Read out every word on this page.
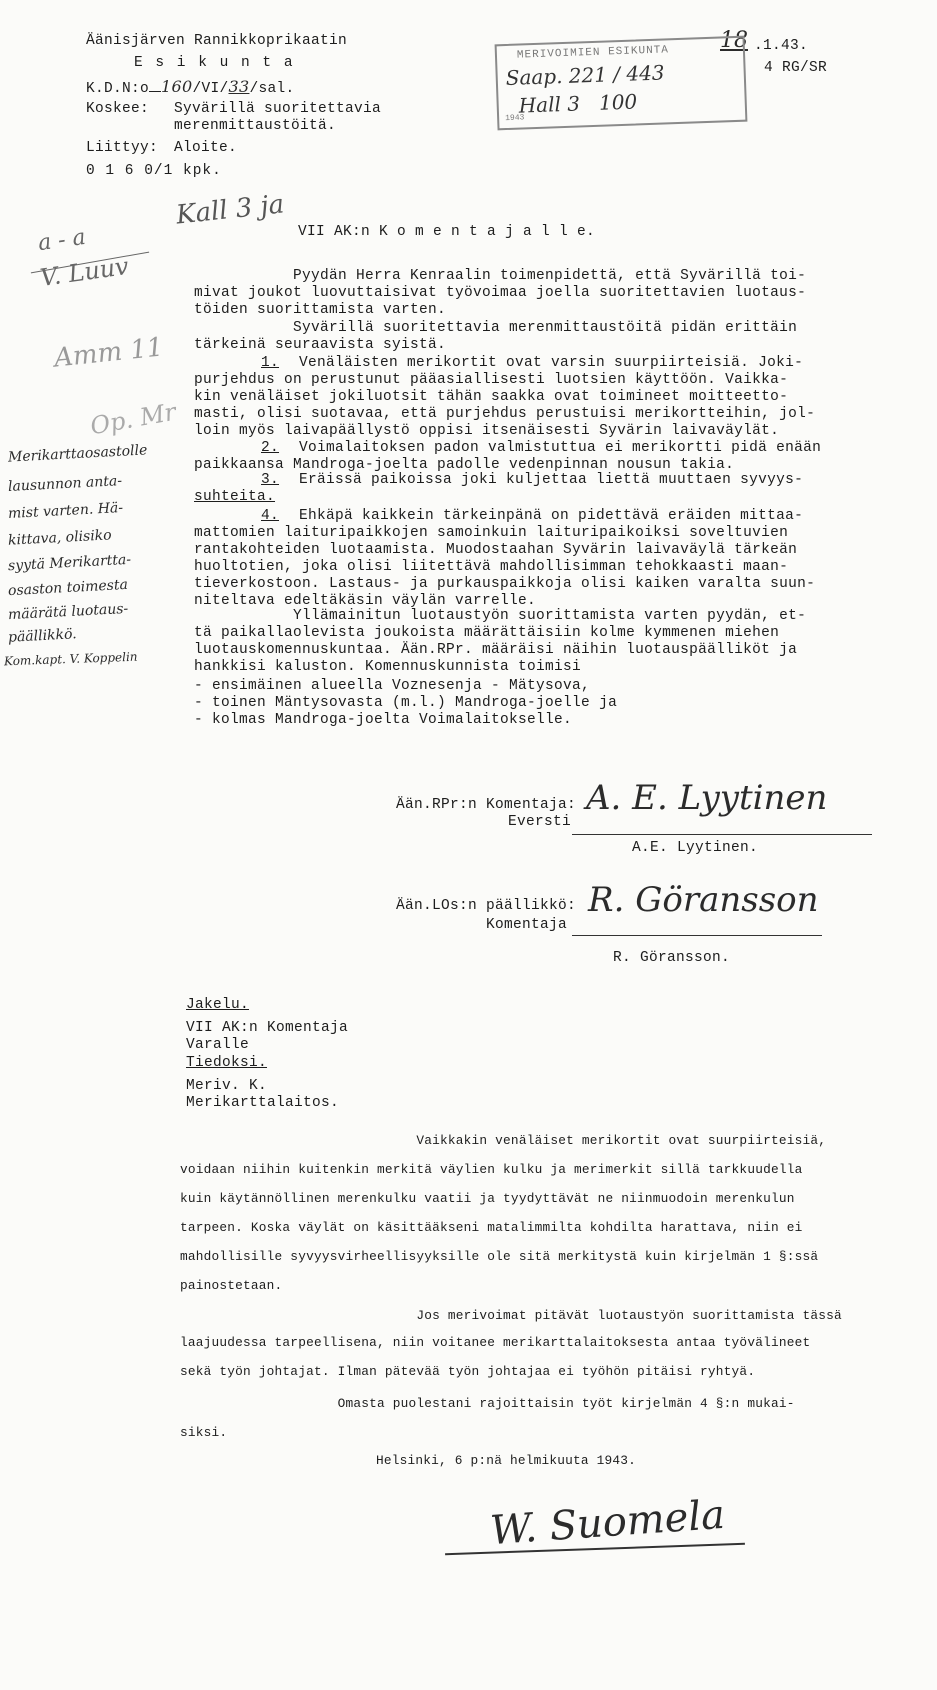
Äänisjärven Rannikkoprikaatin
E s i k u n t a
K.D.N:o 160/VI/33/sal.
Koskee: Syvärillä suoritettavia
merenmittaustöitä.
Liittyy: Aloite.
0 1 6 0/1 kpk.
18 .1.43.
4 RG/SR
MERIVOIMIEN ESIKUNTA
Saap. 221 / 443
Hall 3   100
1943
Kall 3 ja
a - a
V. Luuv
Amm 11
Op. Mr
Merikarttaosastolle
lausunnon anta-
mist varten. Hä-
kittava, olisiko
syytä Merikartta-
osaston toimesta
määrätä luotaus-
päällikkö.
Kom.kapt. V. Koppelin
VII AK:n K o m e n t a j a l l e.
Pyydän Herra Kenraalin toimenpidettä, että Syvärillä toi-
mivat joukot luovuttaisivat työvoimaa joella suoritettavien luotaus-
töiden suorittamista varten.
Syvärillä suoritettavia merenmittaustöitä pidän erittäin
tärkeinä seuraavista syistä.
1.	Venäläisten merikortit ovat varsin suurpiirteisiä. Joki-
purjehdus on perustunut pääasiallisesti luotsien käyttöön. Vaikka-
kin venäläiset jokiluotsit tähän saakka ovat toimineet moitteetto-
masti, olisi suotavaa, että purjehdus perustuisi merikortteihin, jol-
loin myös laivapäällystö oppisi itsenäisesti Syvärin laivaväylät.
2.	Voimalaitoksen padon valmistuttua ei merikortti pidä enään
paikkaansa Mandroga-joelta padolle vedenpinnan nousun takia.
3.	Eräissä paikoissa joki kuljettaa liettä muuttaen syvyys-
suhteita.
4.	Ehkäpä kaikkein tärkeinpänä on pidettävä eräiden mittaa-
mattomien laituripaikkojen samoinkuin laituripaikoiksi soveltuvien
rantakohteiden luotaamista. Muodostaahan Syvärin laivaväylä tärkeän
huoltotien, joka olisi liitettävä mahdollisimman tehokkaasti maan-
tieverkostoon. Lastaus- ja purkauspaikkoja olisi kaiken varalta suun-
niteltava edeltäkäsin väylän varrelle.
Yllämainitun luotaustyön suorittamista varten pyydän, et-
tä paikallaolevista joukoista määrättäisiin kolme kymmenen miehen
luotauskomennuskuntaa. Ään.RPr. määräisi näihin luotauspäälliköt ja
hankkisi kaluston. Komennuskunnista toimisi
- ensimäinen alueella Voznesenja - Mätysova,
- toinen Mäntysovasta (m.l.) Mandroga-joelle ja
- kolmas Mandroga-joelta Voimalaitokselle.
Ään.RPr:n Komentaja:
Eversti
A. E. Lyytinen
A.E. Lyytinen.
Ään.LOs:n päällikkö:
Komentaja
R. Göransson
R. Göransson.
Jakelu.
VII AK:n Komentaja
Varalle
Tiedoksi.
Meriv. K.
Merikarttalaitos.
Vaikkakin venäläiset merikortit ovat suurpiirteisiä,
voidaan niihin kuitenkin merkitä väylien kulku ja merimerkit sillä tarkkuudella
kuin käytännöllinen merenkulku vaatii ja tyydyttävät ne niinmuodoin merenkulun
tarpeen. Koska väylät on käsittääkseni matalimmilta kohdilta harattava, niin ei
mahdollisille syvyysvirheellisyyksille ole sitä merkitystä kuin kirjelmän 1 §:ssä
painostetaan.
Jos merivoimat pitävät luotaustyön suorittamista tässä
laajuudessa tarpeellisena, niin voitanee merikarttalaitoksesta antaa työvälineet
sekä työn johtajat. Ilman pätevää työn johtajaa ei työhön pitäisi ryhtyä.
Omasta puolestani rajoittaisin työt kirjelmän 4 §:n mukai-
siksi.
Helsinki, 6 p:nä helmikuuta 1943.
W. Suomela
